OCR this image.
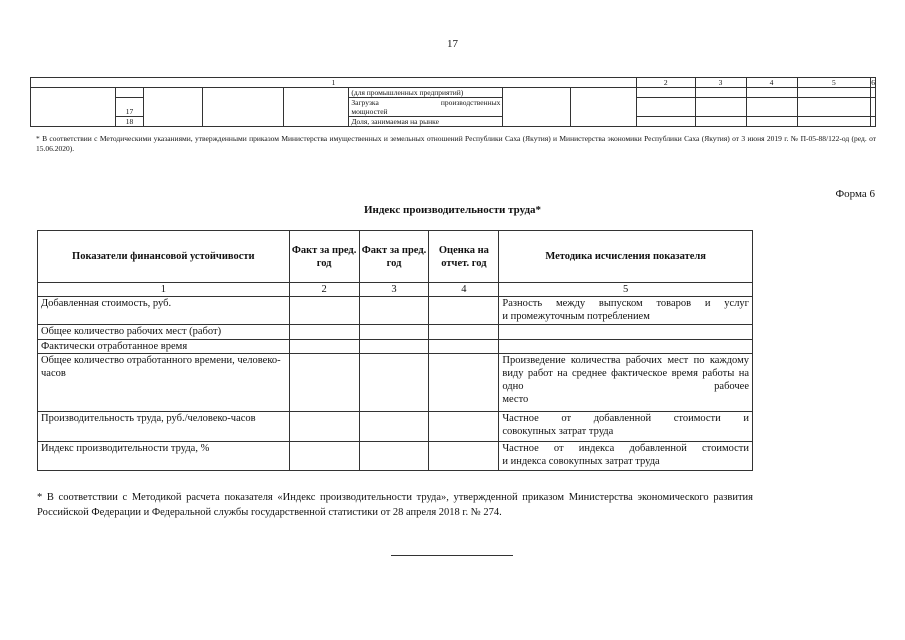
17
1								2	3	4	5	6
					(для промышленных предприятий)							
	17				Загрузка производственных
мощностей							

	18				Доля, занимаемая на рынке							
* В соответствии с Методическими указаниями, утвержденными приказом Министерства имущественных и земельных отношений Республики Саха (Якутия) и Министерства экономики Республики Саха (Якутия) от 3 июня 2019 г. № П-05-88/122-од (ред. от 15.06.2020).
Форма 6
Индекс производительности труда*
Показатели финансовой устойчивости	Факт за пред. год	Факт за пред. год	Оценка на отчет. год	Методика исчисления показателя
1	2	3	4	5
Добавленная стоимость, руб.				Разность между выпуском товаров и услуг
и промежуточным потреблением

Общее количество рабочих мест (работ)				
Фактически отработанное время				
Общее количество отработанного времени, человеко-часов				Произведение количества рабочих мест по каждому виду работ на среднее фактическое время работы на одно рабочее
место

Производительность труда, руб./человеко-часов				Частное от добавленной стоимости и
совокупных затрат труда

Индекс производительности труда, %				Частное от индекса добавленной стоимости
и индекса совокупных затрат труда
* В соответствии с Методикой расчета показателя «Индекс производительности труда», утвержденной приказом Министерства экономического развития Российской Федерации и Федеральной службы государственной статистики от 28 апреля 2018 г. № 274.
